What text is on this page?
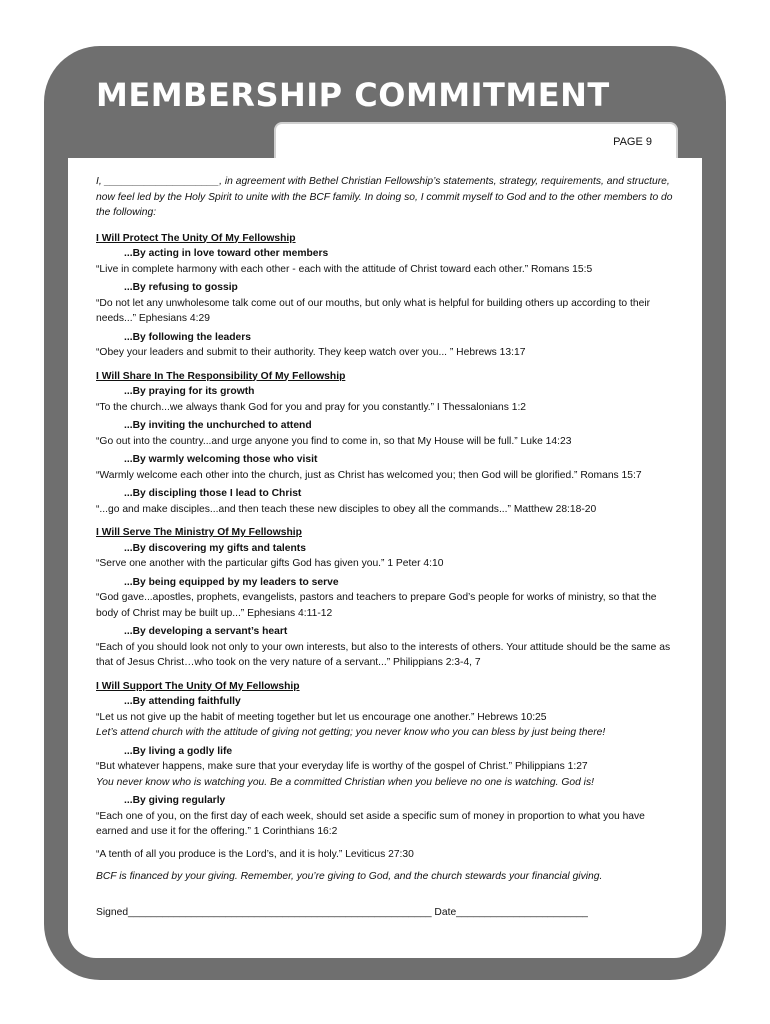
MEMBERSHIP COMMITMENT
PAGE 9

I, ____________________, in agreement with Bethel Christian Fellowship’s statements, strategy, requirements, and structure, now feel led by the Holy Spirit to unite with the BCF family. In doing so, I commit myself to God and to the other members to do the following:

I Will Protect The Unity Of My Fellowship

...By acting in love toward other members

“Live in complete harmony with each other - each with the attitude of Christ toward each other.” Romans 15:5

...By refusing to gossip

“Do not let any unwholesome talk come out of our mouths, but only what is helpful for building others up according to their needs...” Ephesians 4:29

...By following the leaders

“Obey your leaders and submit to their authority. They keep watch over you... ” Hebrews 13:17

I Will Share In The Responsibility Of My Fellowship

...By praying for its growth

“To the church...we always thank God for you and pray for you constantly.” I Thessalonians 1:2

...By inviting the unchurched to attend

“Go out into the country...and urge anyone you find to come in, so that My House will be full.” Luke 14:23

...By warmly welcoming those who visit

“Warmly welcome each other into the church, just as Christ has welcomed you; then God will be glorified.” Romans 15:7

...By discipling those I lead to Christ

“...go and make disciples...and then teach these new disciples to obey all the commands...” Matthew 28:18-20

I Will Serve The Ministry Of My Fellowship

...By discovering my gifts and talents

“Serve one another with the particular gifts God has given you.” 1 Peter 4:10

...By being equipped by my leaders to serve

“God gave...apostles, prophets, evangelists, pastors and teachers to prepare God’s people for works of ministry, so that the body of Christ may be built up...” Ephesians 4:11-12

...By developing a servant’s heart

“Each of you should look not only to your own interests, but also to the interests of others. Your attitude should be the same as that of Jesus Christ…who took on the very nature of a servant...” Philippians 2:3-4, 7

I Will Support The Unity Of My Fellowship

...By attending faithfully

“Let us not give up the habit of meeting together but let us encourage one another.” Hebrews 10:25

Let’s attend church with the attitude of giving not getting; you never know who you can bless by just being there!

...By living a godly life

“But whatever happens, make sure that your everyday life is worthy of the gospel of Christ.” Philippians 1:27

You never know who is watching you. Be a committed Christian when you believe no one is watching. God is!

...By giving regularly

“Each one of you, on the first day of each week, should set aside a specific sum of money in proportion to what you have earned and use it for the offering.” 1 Corinthians 16:2

“A tenth of all you produce is the Lord’s, and it is holy.” Leviticus 27:30

BCF is financed by your giving. Remember, you’re giving to God, and the church stewards your financial giving.

Signed_____________________________________________________ Date_______________________
